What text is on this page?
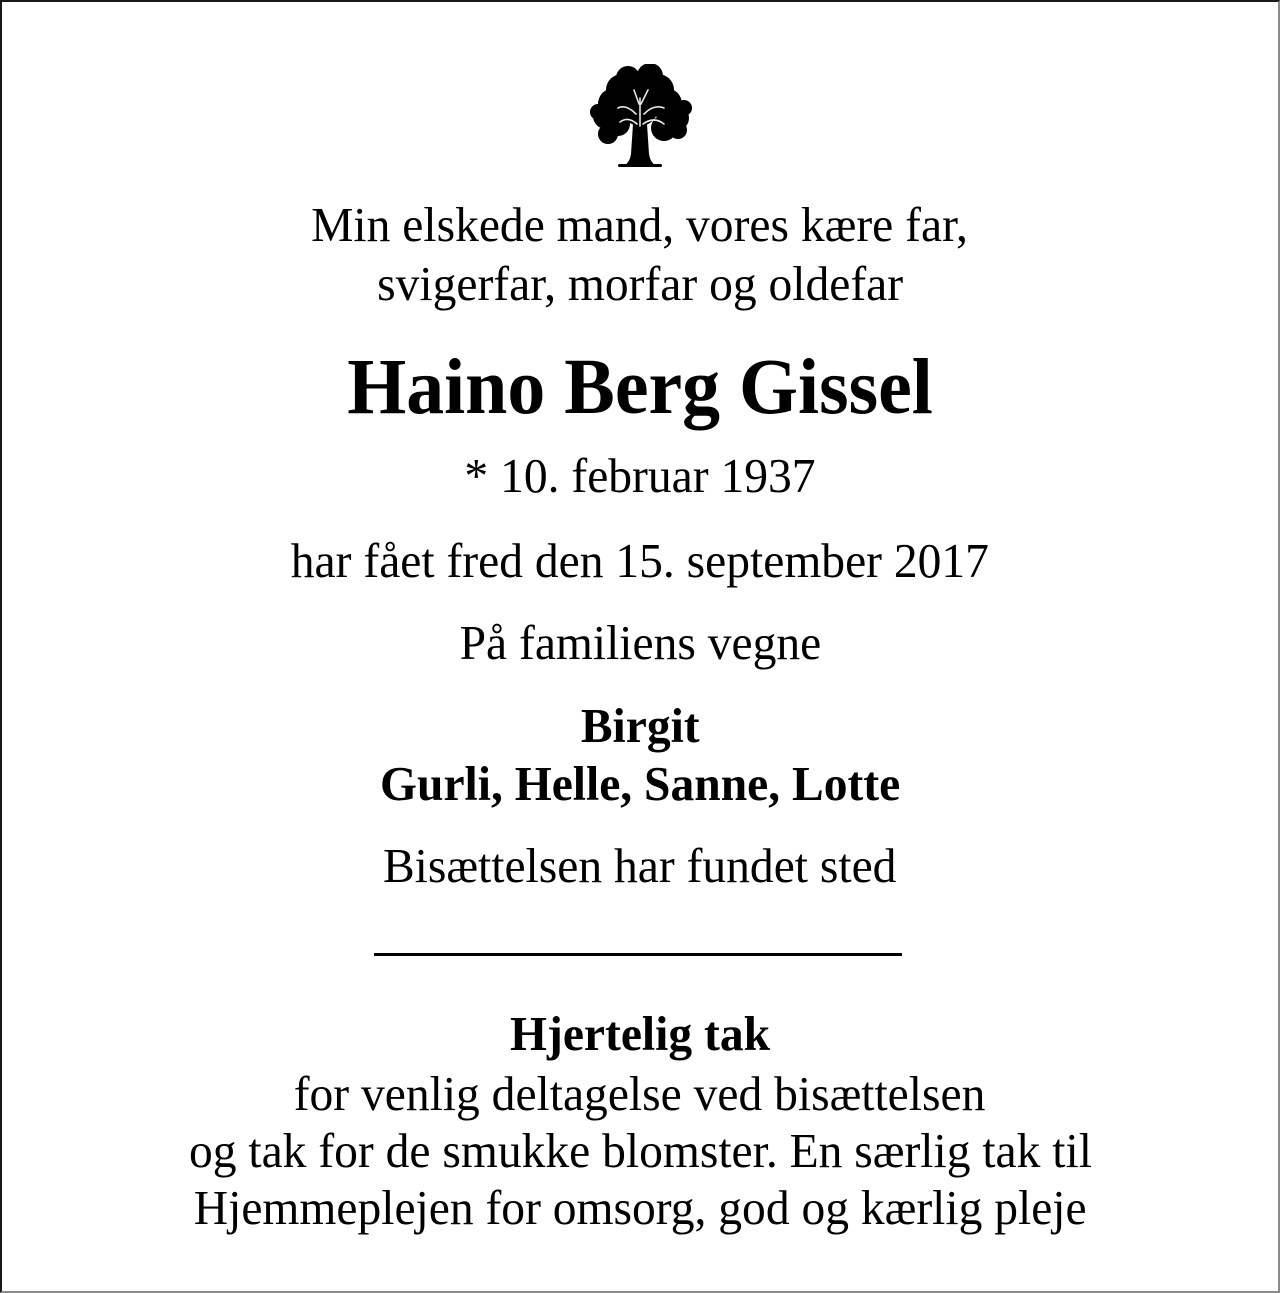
Min elskede mand, vores kære far,
svigerfar, morfar og oldefar
Haino Berg Gissel
* 10. februar 1937
har fået fred den 15. september 2017
På familiens vegne
Birgit
Gurli, Helle, Sanne, Lotte
Bisættelsen har fundet sted
Hjertelig tak
for venlig deltagelse ved bisættelsen
og tak for de smukke blomster. En særlig tak til
Hjemmeplejen for omsorg, god og kærlig pleje
